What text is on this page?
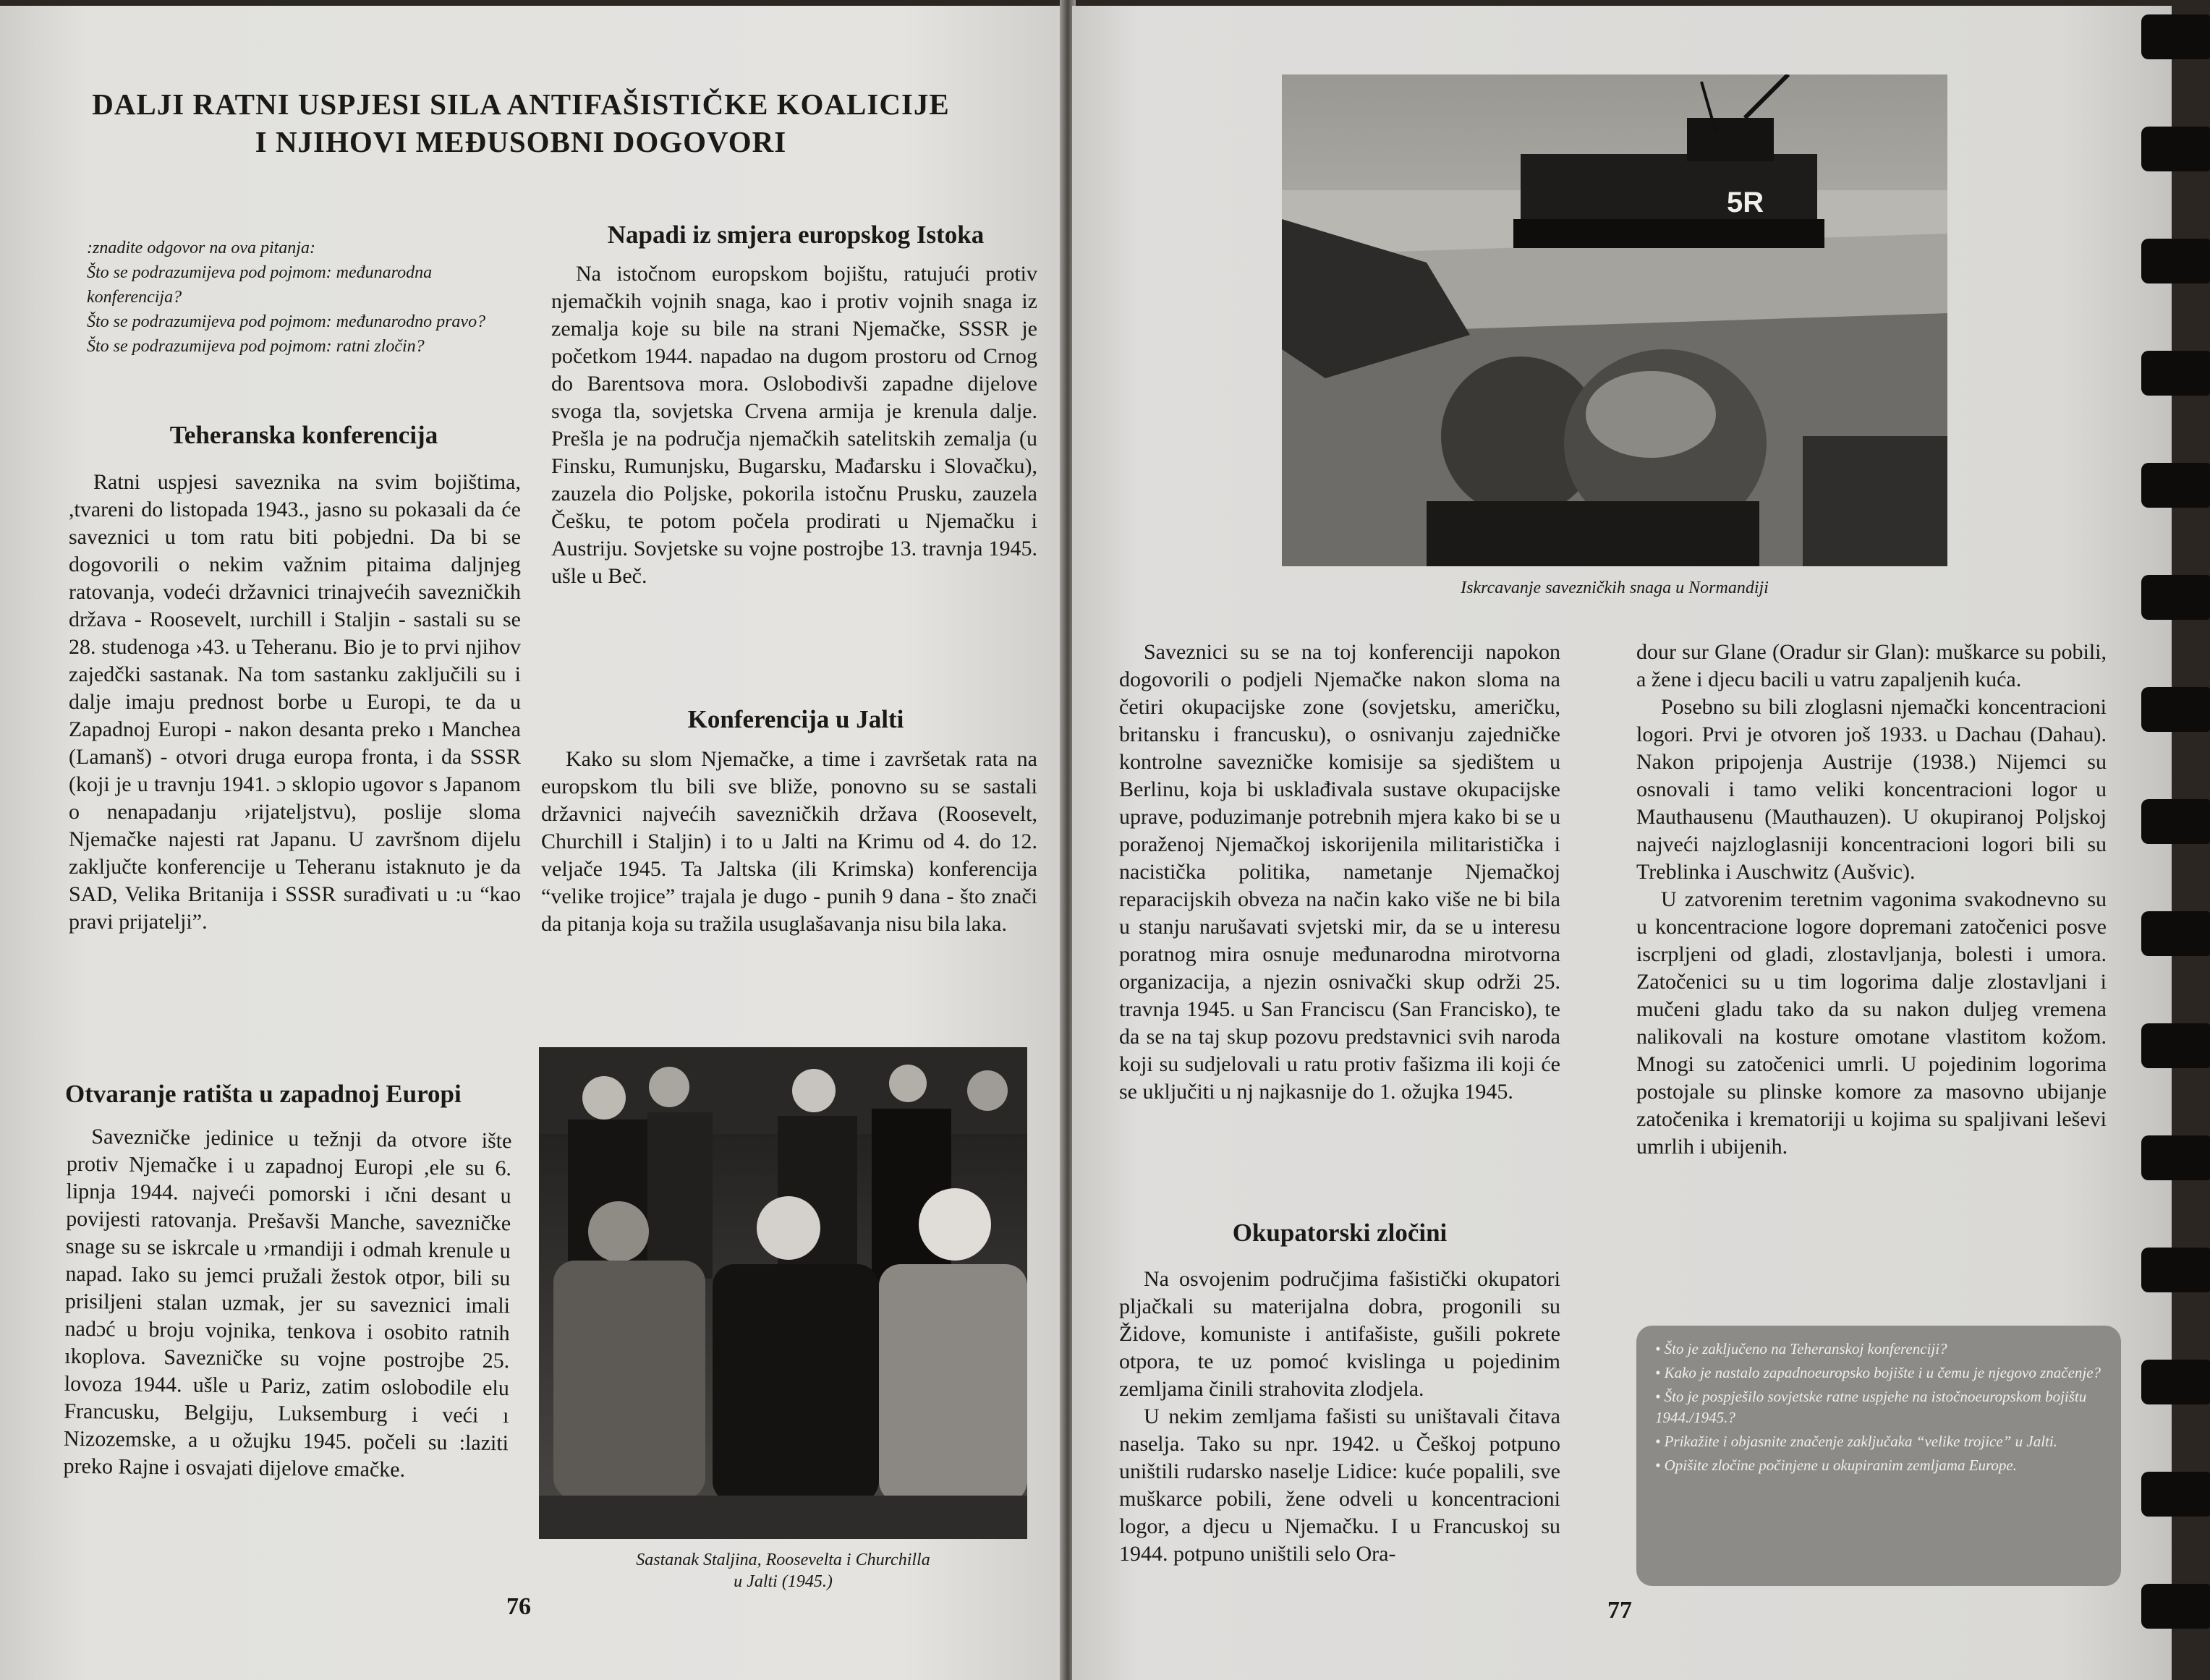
DALJI RATNI USPJESI SILA ANTIFAŠISTIČKE KOALICIJE
I NJIHOVI MEĐUSOBNI DOGOVORI

:znadite odgovor na ova pitanja:

Što se podrazumijeva pod pojmom: međunarodna konferencija?

Što se podrazumijeva pod pojmom: međunarodno pravo?

Što se podrazumijeva pod pojmom: ratni zločin?

Teheranska konferencija

Ratni uspjesi saveznika na svim bojištima, ,tvareni do listopada 1943., jasno su pokaзali da će saveznici u tom ratu biti pobjedni. Da bi se dogovorili o nekim važnim pitaima daljnjeg ratovanja, vodeći državnici trinajvećih savezničkih država - Roosevelt, ıurchill i Staljin - sastali su se 28. studenoga ›43. u Teheranu. Bio je to prvi njihov zajedčki sastanak. Na tom sastanku zaključili su i dalje imaju prednost borbe u Europi, te da u Zapadnoj Europi - nakon desanta preko ı Manchea (Lamanš) - otvori druga europa fronta, i da SSSR (koji je u travnju 1941. ɔ sklopio ugovor s Japanom o nenapadanju ›rijateljstvu), poslije sloma Njemačke najesti rat Japanu. U završnom dijelu zaključte konferencije u Teheranu istaknuto je da SAD, Velika Britanija i SSSR surađivati u :u “kao pravi prijatelji”.

Otvaranje ratišta u zapadnoj Europi

Savezničke jedinice u težnji da otvore ište protiv Njemačke i u zapadnoj Europi ,ele su 6. lipnja 1944. najveći pomorski i ıčni desant u povijesti ratovanja. Prešavši Manche, savezničke snage su se iskrcale u ›rmandiji i odmah krenule u napad. Iako su jemci pružali žestok otpor, bili su prisiljeni stalan uzmak, jer su saveznici imali nadɔć u broju vojnika, tenkova i osobito ratnih ıkoplova. Savezničke su vojne postrojbe 25. lovoza 1944. ušle u Pariz, zatim oslobodile elu Francusku, Belgiju, Luksemburg i veći ı Nizozemske, a u ožujku 1945. počeli su :laziti preko Rajne i osvajati dijelove ɛmačke.

Napadi iz smjera europskog Istoka

Na istočnom europskom bojištu, ratujući protiv njemačkih vojnih snaga, kao i protiv vojnih snaga iz zemalja koje su bile na strani Njemačke, SSSR je početkom 1944. napadao na dugom prostoru od Crnog do Barentsova mora. Oslobodivši zapadne dijelove svoga tla, sovjetska Crvena armija je krenula dalje. Prešla je na područja njemačkih satelitskih zemalja (u Finsku, Rumunjsku, Bugarsku, Mađarsku i Slovačku), zauzela dio Poljske, pokorila istočnu Prusku, zauzela Češku, te potom počela prodirati u Njemačku i Austriju. Sovjetske su vojne postrojbe 13. travnja 1945. ušle u Beč.

Konferencija u Jalti

Kako su slom Njemačke, a time i završetak rata na europskom tlu bili sve bliže, ponovno su se sastali državnici najvećih savezničkih država (Roosevelt, Churchill i Staljin) i to u Jalti na Krimu od 4. do 12. veljače 1945. Ta Jaltska (ili Krimska) konferencija “velike trojice” trajala je dugo - punih 9 dana - što znači da pitanja koja su tražila usuglašavanja nisu bila laka.

Sastanak Staljina, Roosevelta i Churchilla
u Jalti (1945.)
76
5R
Iskrcavanje savezničkih snaga u Normandiji

Saveznici su se na toj konferenciji napokon dogovorili o podjeli Njemačke nakon sloma na četiri okupacijske zone (sovjetsku, američku, britansku i francusku), o osnivanju zajedničke kontrolne savezničke komisije sa sjedištem u Berlinu, koja bi usklađivala sustave okupacijske uprave, poduzimanje potrebnih mjera kako bi se u poraženoj Njemačkoj iskorijenila militaristička i nacistička politika, nametanje Njemačkoj reparacijskih obveza na način kako više ne bi bila u stanju narušavati svjetski mir, da se u interesu poratnog mira osnuje međunarodna mirotvorna organizacija, a njezin osnivački skup održi 25. travnja 1945. u San Franciscu (San Francisko), te da se na taj skup pozovu predstavnici svih naroda koji su sudjelovali u ratu protiv fašizma ili koji će se uključiti u nj najkasnije do 1. ožujka 1945.

Okupatorski zločini

Na osvojenim područjima fašistički okupatori pljačkali su materijalna dobra, progonili su Židove, komuniste i antifašiste, gušili pokrete otpora, te uz pomoć kvislinga u pojedinim zemljama činili strahovita zlodjela.

U nekim zemljama fašisti su uništavali čitava naselja. Tako su npr. 1942. u Češkoj potpuno uništili rudarsko naselje Lidice: kuće popalili, sve muškarce pobili, žene odveli u koncentracioni logor, a djecu u Njemačku. I u Francuskoj su 1944. potpuno uništili selo Ora-

dour sur Glane (Oradur sir Glan): muškarce su pobili, a žene i djecu bacili u vatru zapaljenih kuća.

Posebno su bili zloglasni njemački koncentracioni logori. Prvi je otvoren još 1933. u Dachau (Dahau). Nakon pripojenja Austrije (1938.) Nijemci su osnovali i tamo veliki koncentracioni logor u Mauthausenu (Mauthauzen). U okupiranoj Poljskoj najveći najzloglasniji koncentracioni logori bili su Treblinka i Auschwitz (Aušvic).

U zatvorenim teretnim vagonima svakodnevno su u koncentracione logore dopremani zatočenici posve iscrpljeni od gladi, zlostavljanja, bolesti i umora. Zatočenici su u tim logorima dalje zlostavljani i mučeni gladu tako da su nakon duljeg vremena nalikovali na kosture omotane vlastitom kožom. Mnogi su zatočenici umrli. U pojedinim logorima postojale su plinske komore za masovno ubijanje zatočenika i krematoriji u kojima su spaljivani leševi umrlih i ubijenih.

• Što je zaključeno na Teheranskoj konferenciji?

• Kako je nastalo zapadnoeuropsko bojište i u čemu je njegovo značenje?

• Što je pospješilo sovjetske ratne uspjehe na istočnoeuropskom bojištu 1944./1945.?

• Prikažite i objasnite značenje zaključaka “velike trojice” u Jalti.

• Opišite zločine počinjene u okupiranim zemljama Europe.

77
